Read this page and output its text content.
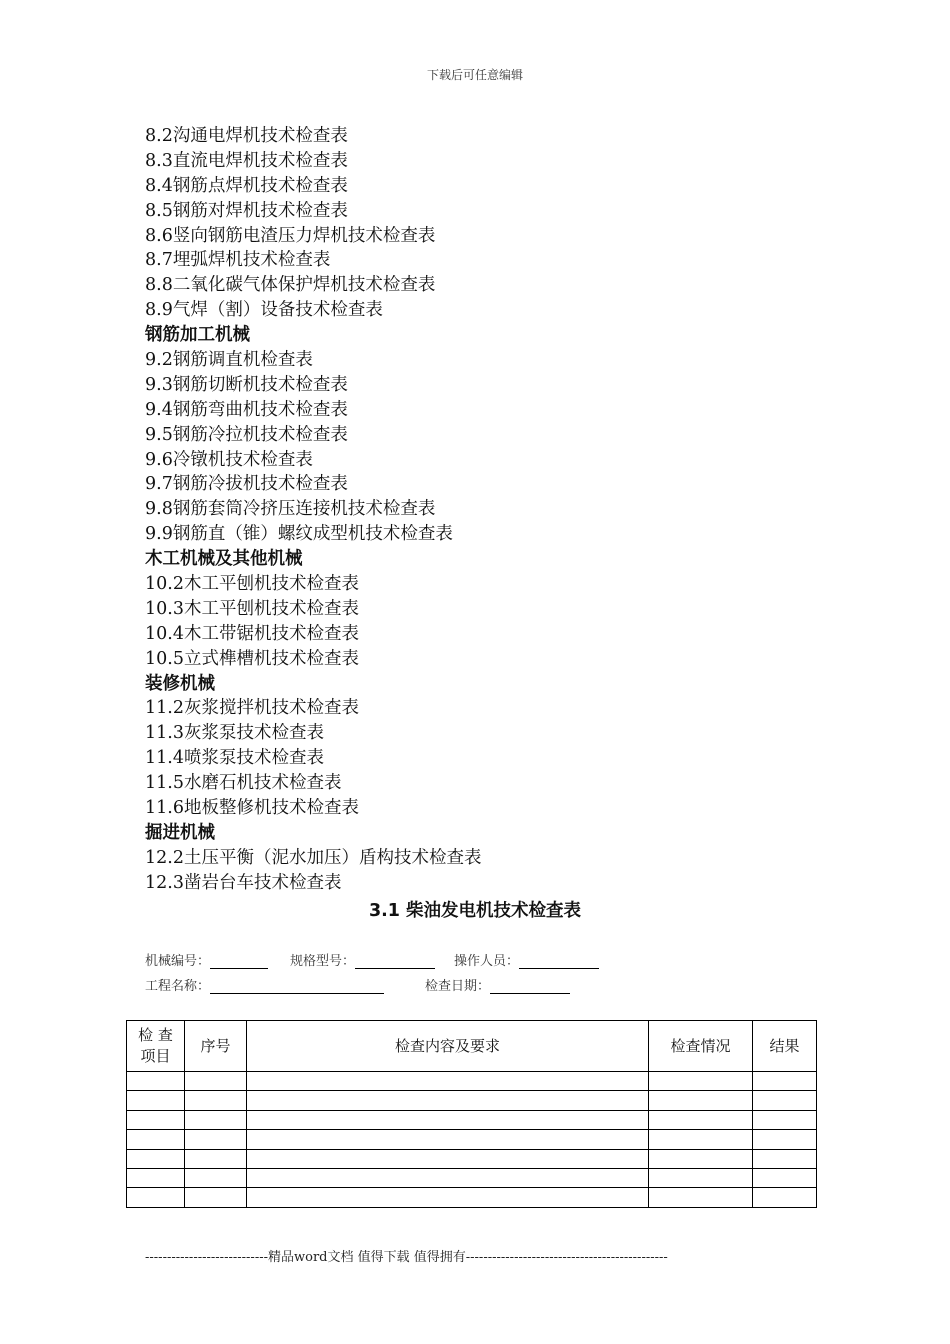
下载后可任意编辑
8.2沟通电焊机技术检查表
8.3直流电焊机技术检查表
8.4钢筋点焊机技术检查表
8.5钢筋对焊机技术检查表
8.6竖向钢筋电渣压力焊机技术检查表
8.7埋弧焊机技术检查表
8.8二氧化碳气体保护焊机技术检查表
8.9气焊（割）设备技术检查表
钢筋加工机械
9.2钢筋调直机检查表
9.3钢筋切断机技术检查表
9.4钢筋弯曲机技术检查表
9.5钢筋冷拉机技术检查表
9.6冷镦机技术检查表
9.7钢筋冷拔机技术检查表
9.8钢筋套筒冷挤压连接机技术检查表
9.9钢筋直（锥）螺纹成型机技术检查表
木工机械及其他机械
10.2木工平刨机技术检查表
10.3木工平刨机技术检查表
10.4木工带锯机技术检查表
10.5立式榫槽机技术检查表
装修机械
11.2灰浆搅拌机技术检查表
11.3灰浆泵技术检查表
11.4喷浆泵技术检查表
11.5水磨石机技术检查表
11.6地板整修机技术检查表
掘进机械
12.2土压平衡（泥水加压）盾构技术检查表
12.3凿岩台车技术检查表
3.1 柴油发电机技术检查表
机械编号：	规格型号：	操作人员：
工程名称：	检查日期：
检 查 项目	序号	检查内容及要求	检查情况	结果

----------------------------精品word文档 值得下载 值得拥有----------------------------------------------
